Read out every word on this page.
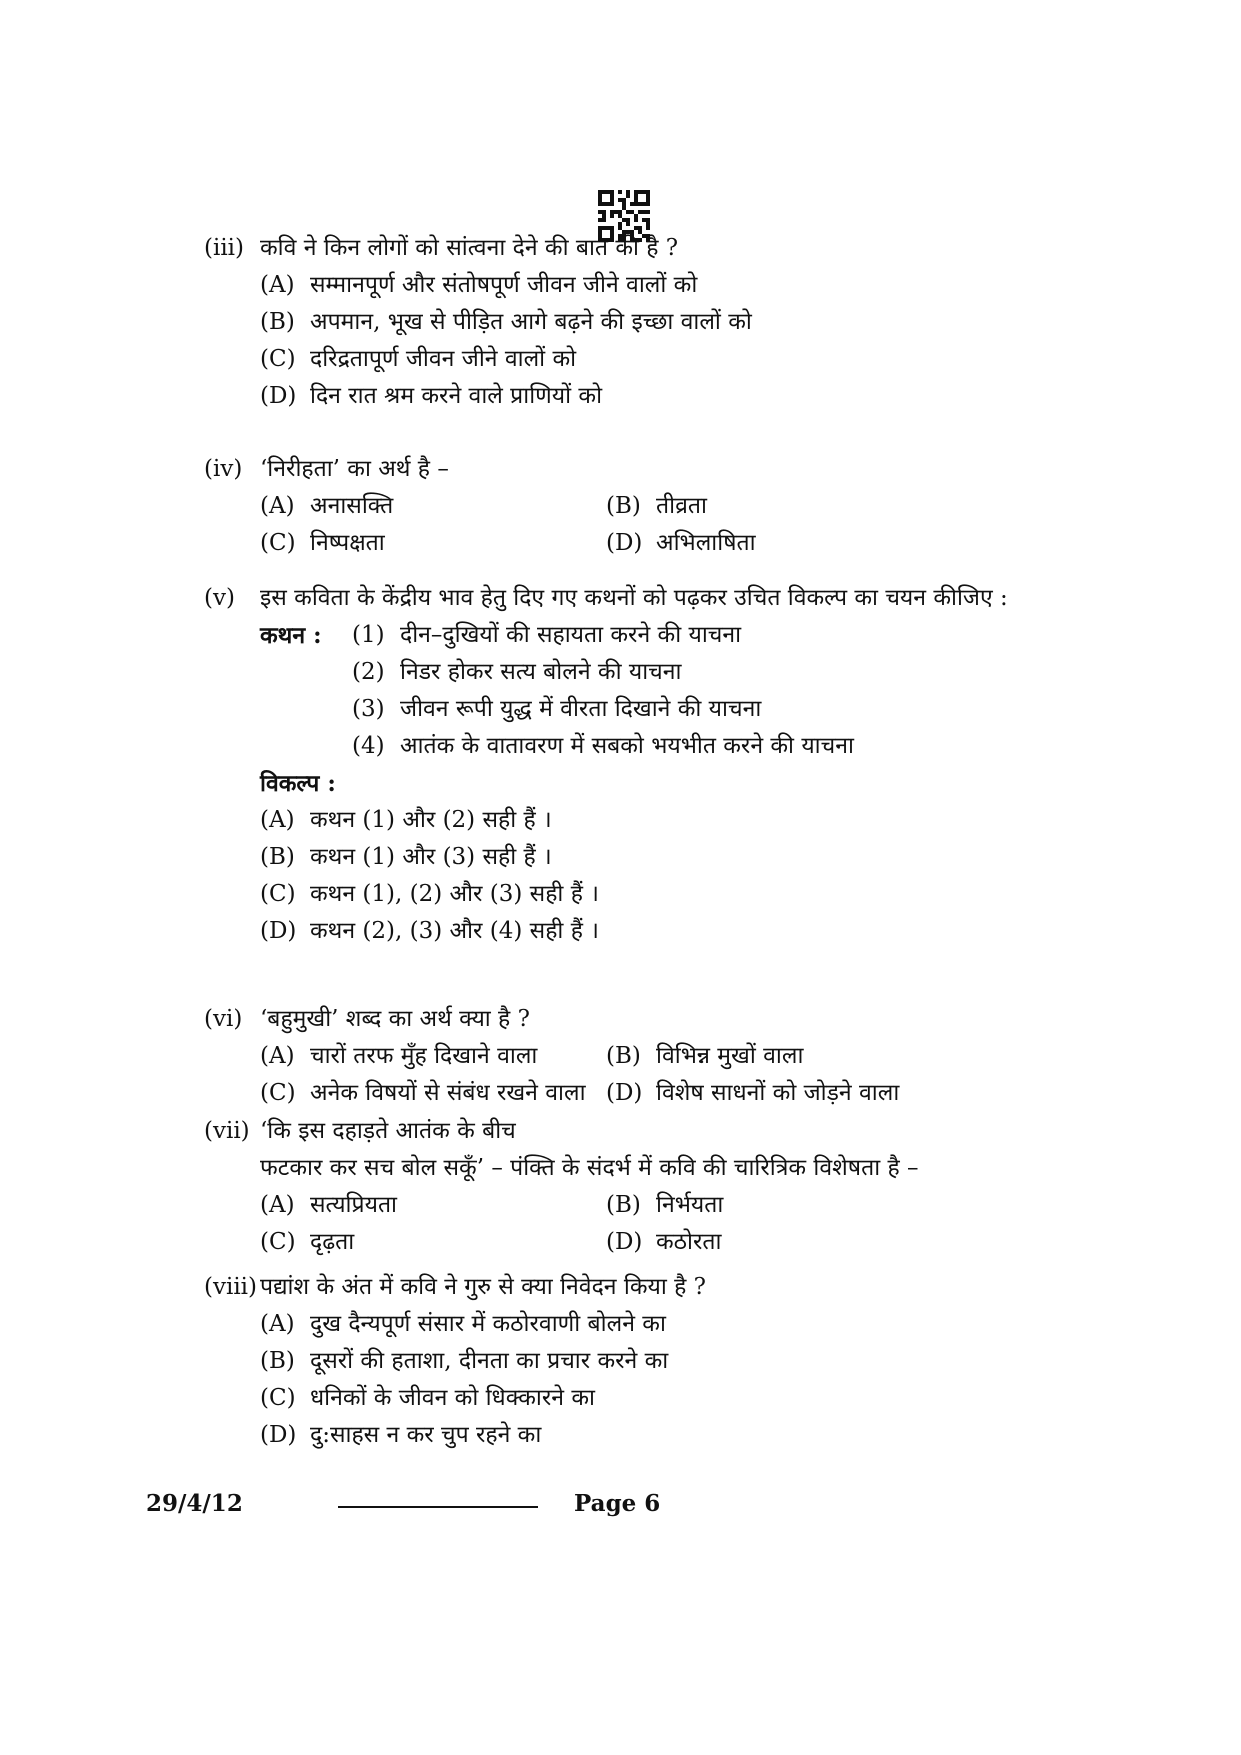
(iii) कवि ने किन लोगों को सांत्वना देने की बात की है ?
(A) सम्मानपूर्ण और संतोषपूर्ण जीवन जीने वालों को
(B) अपमान, भूख से पीड़ित आगे बढ़ने की इच्छा वालों को
(C) दरिद्रतापूर्ण जीवन जीने वालों को
(D) दिन रात श्रम करने वाले प्राणियों को
(iv) ‘निरीहता’ का अर्थ है –
(A) अनासक्ति	(B) तीव्रता
(C) निष्पक्षता	(D) अभिलाषिता
(v) इस कविता के केंद्रीय भाव हेतु दिए गए कथनों को पढ़कर उचित विकल्प का चयन कीजिए :
कथन : (1) दीन–दुखियों की सहायता करने की याचना
(2) निडर होकर सत्य बोलने की याचना
(3) जीवन रूपी युद्ध में वीरता दिखाने की याचना
(4) आतंक के वातावरण में सबको भयभीत करने की याचना
विकल्प :
(A) कथन (1) और (2) सही हैं ।
(B) कथन (1) और (3) सही हैं ।
(C) कथन (1), (2) और (3) सही हैं ।
(D) कथन (2), (3) और (4) सही हैं ।
(vi) ‘बहुमुखी’ शब्द का अर्थ क्या है ?
(A) चारों तरफ मुँह दिखाने वाला	(B) विभिन्न मुखों वाला
(C) अनेक विषयों से संबंध रखने वाला (D) विशेष साधनों को जोड़ने वाला
(vii) ‘कि इस दहाड़ते आतंक के बीच
फटकार कर सच बोल सकूँ’ – पंक्ति के संदर्भ में कवि की चारित्रिक विशेषता है –
(A) सत्यप्रियता	(B) निर्भयता
(C) दृढ़ता	(D) कठोरता
(viii) पद्यांश के अंत में कवि ने गुरु से क्या निवेदन किया है ?
(A) दुख दैन्यपूर्ण संसार में कठोरवाणी बोलने का
(B) दूसरों की हताशा, दीनता का प्रचार करने का
(C) धनिकों के जीवन को धिक्कारने का
(D) दु:साहस न कर चुप रहने का
29/4/12	Page 6
